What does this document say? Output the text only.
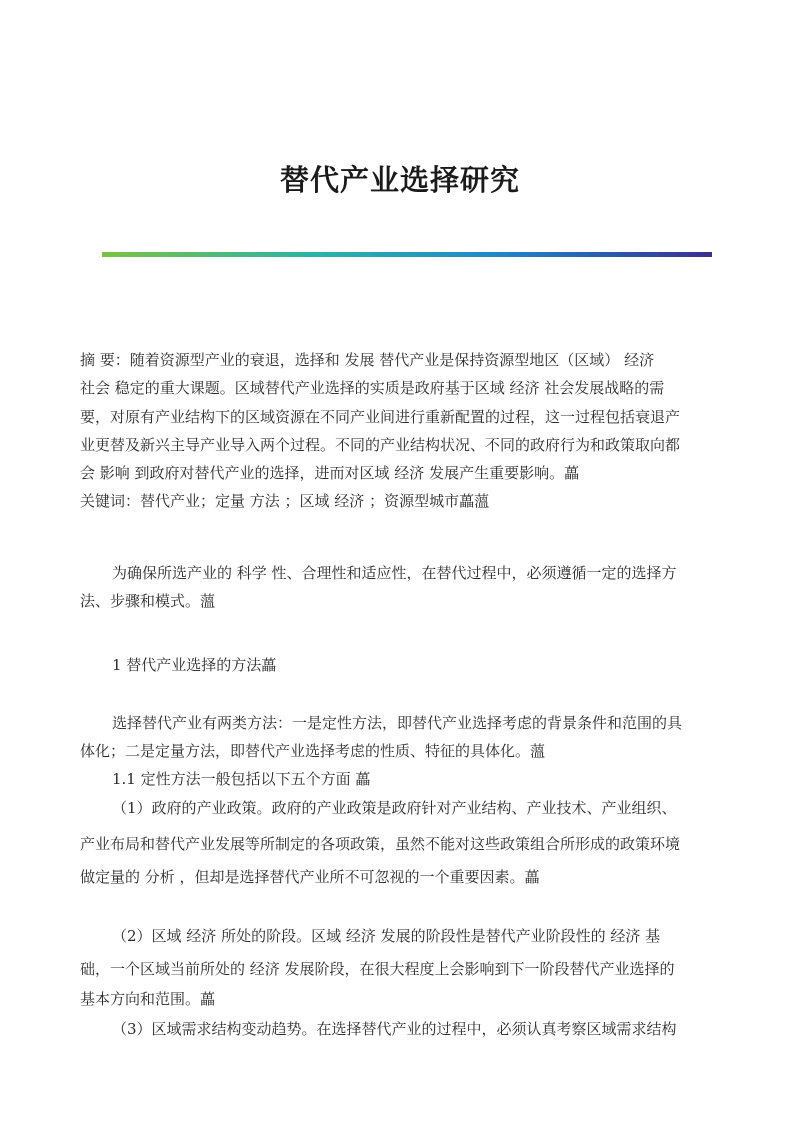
替代产业选择研究
摘 要：随着资源型产业的衰退，选择和 发展 替代产业是保持资源型地区（区域） 经济
社会 稳定的重大课题。区域替代产业选择的实质是政府基于区域 经济 社会发展战略的需
要，对原有产业结构下的区域资源在不同产业间进行重新配置的过程，这一过程包括衰退产
业更替及新兴主导产业导入两个过程。不同的产业结构状况、不同的政府行为和政策取向都
会 影响 到政府对替代产业的选择，进而对区域 经济 发展产生重要影响。藟
关键词：替代产业；定量 方法 ；区域 经济 ；资源型城市藟薀
为确保所选产业的 科学 性、合理性和适应性，在替代过程中，必须遵循一定的选择方
法、步骤和模式。薀
1 替代产业选择的方法藟
选择替代产业有两类方法：一是定性方法，即替代产业选择考虑的背景条件和范围的具
体化；二是定量方法，即替代产业选择考虑的性质、特征的具体化。薀
1.1 定性方法一般包括以下五个方面 藟
（1）政府的产业政策。政府的产业政策是政府针对产业结构、产业技术、产业组织、
产业布局和替代产业发展等所制定的各项政策，虽然不能对这些政策组合所形成的政策环境
做定量的 分析 ，但却是选择替代产业所不可忽视的一个重要因素。藟
（2）区域 经济 所处的阶段。区域 经济 发展的阶段性是替代产业阶段性的 经济 基
础，一个区域当前所处的 经济 发展阶段，在很大程度上会影响到下一阶段替代产业选择的
基本方向和范围。藟
（3）区域需求结构变动趋势。在选择替代产业的过程中，必须认真考察区域需求结构
